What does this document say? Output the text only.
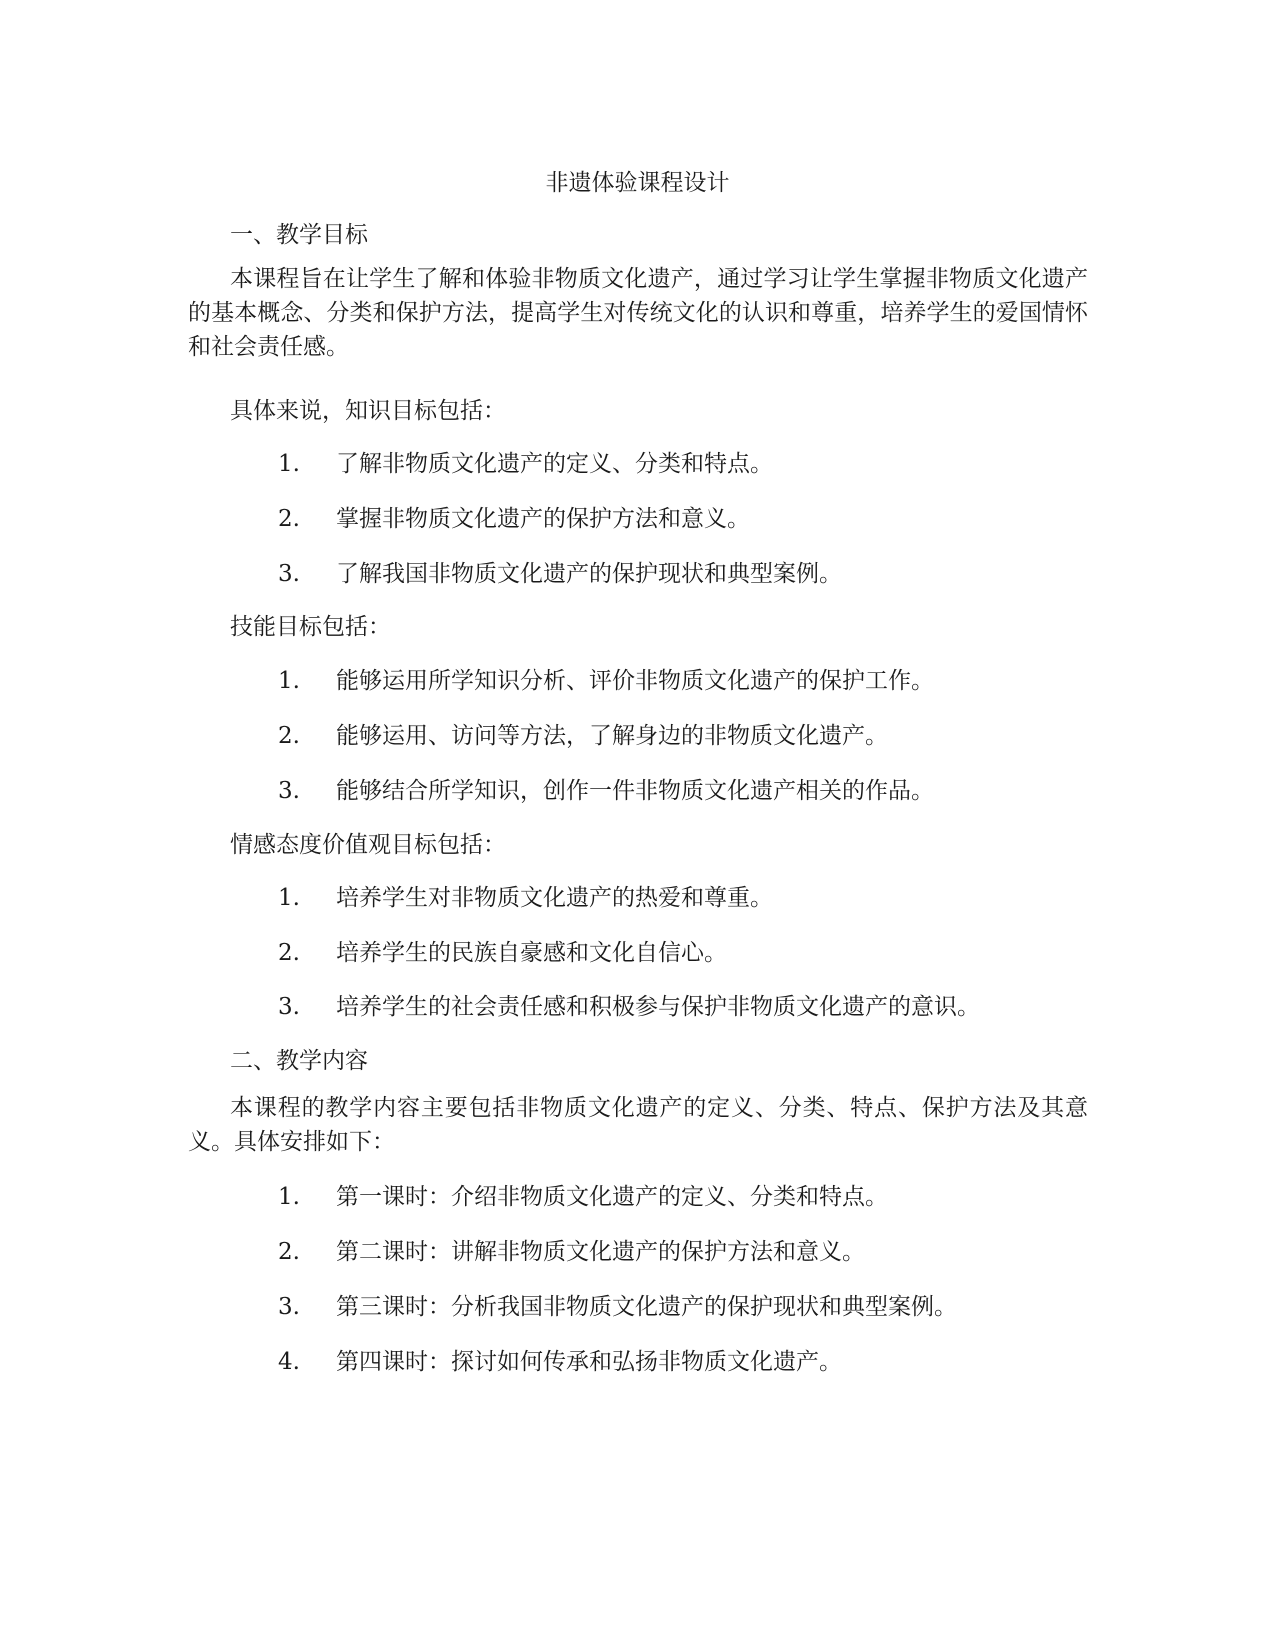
非遗体验课程设计
一、教学目标
本课程旨在让学生了解和体验非物质文化遗产，通过学习让学生掌握非物质文化遗产的基本概念、分类和保护方法，提高学生对传统文化的认识和尊重，培养学生的爱国情怀和社会责任感。
具体来说，知识目标包括：
1. 了解非物质文化遗产的定义、分类和特点。
2. 掌握非物质文化遗产的保护方法和意义。
3. 了解我国非物质文化遗产的保护现状和典型案例。
技能目标包括：
1. 能够运用所学知识分析、评价非物质文化遗产的保护工作。
2. 能够运用、访问等方法，了解身边的非物质文化遗产。
3. 能够结合所学知识，创作一件非物质文化遗产相关的作品。
情感态度价值观目标包括：
1. 培养学生对非物质文化遗产的热爱和尊重。
2. 培养学生的民族自豪感和文化自信心。
3. 培养学生的社会责任感和积极参与保护非物质文化遗产的意识。
二、教学内容
本课程的教学内容主要包括非物质文化遗产的定义、分类、特点、保护方法及其意义。具体安排如下：
1. 第一课时：介绍非物质文化遗产的定义、分类和特点。
2. 第二课时：讲解非物质文化遗产的保护方法和意义。
3. 第三课时：分析我国非物质文化遗产的保护现状和典型案例。
4. 第四课时：探讨如何传承和弘扬非物质文化遗产。
